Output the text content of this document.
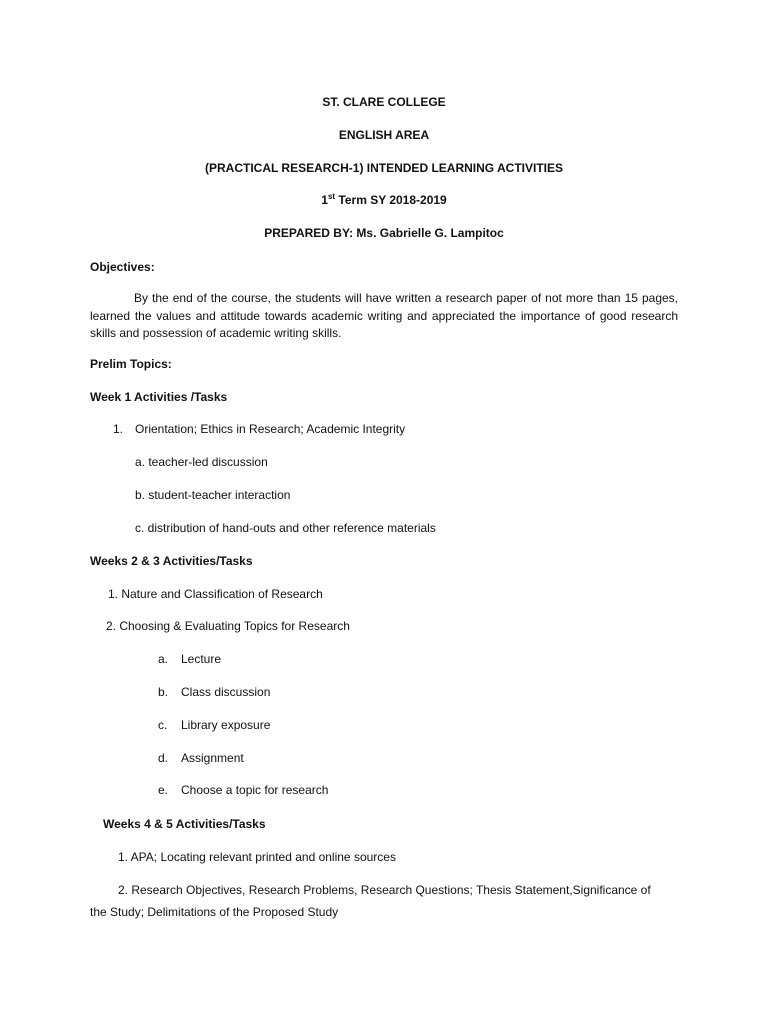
ST. CLARE COLLEGE
ENGLISH AREA
(PRACTICAL RESEARCH-1) INTENDED LEARNING ACTIVITIES
1st Term SY 2018-2019
PREPARED BY: Ms. Gabrielle G. Lampitoc
Objectives:
By the end of the course, the students will have written a research paper of not more than 15 pages, learned the values and attitude towards academic writing and appreciated the importance of good research skills and possession of academic writing skills.
Prelim Topics:
Week 1 Activities /Tasks
1. Orientation; Ethics in Research; Academic Integrity
a. teacher-led discussion
b. student-teacher interaction
c. distribution of hand-outs and other reference materials
Weeks 2 & 3 Activities/Tasks
1. Nature and Classification of Research
2. Choosing & Evaluating Topics for Research
a. Lecture
b. Class discussion
c. Library exposure
d. Assignment
e. Choose a topic for research
Weeks 4 & 5 Activities/Tasks
1. APA; Locating relevant printed and online sources
2. Research Objectives, Research Problems, Research Questions; Thesis Statement,Significance of
the Study; Delimitations of the Proposed Study
